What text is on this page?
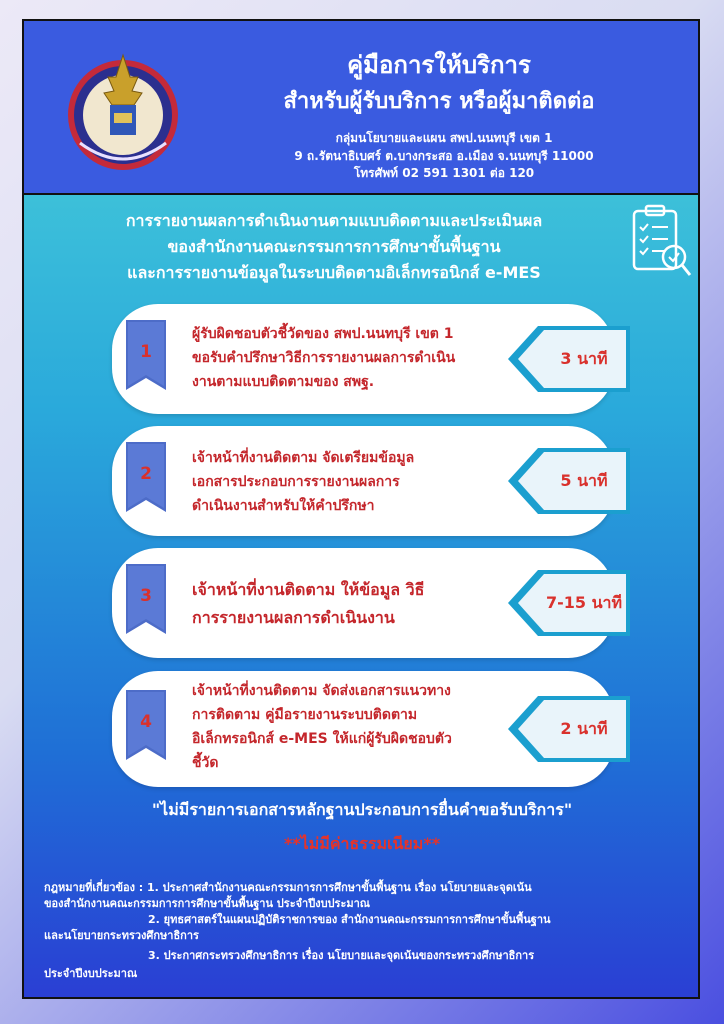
คู่มือการให้บริการ
สำหรับผู้รับบริการ หรือผู้มาติดต่อ
กลุ่มนโยบายและแผน สพป.นนทบุรี เขต 1
9 ถ.รัตนาธิเบศร์ ต.บางกระสอ อ.เมือง จ.นนทบุรี 11000
โทรศัพท์ 02 591 1301 ต่อ 120
การรายงานผลการดำเนินงานตามแบบติดตามและประเมินผล
ของสำนักงานคณะกรรมการการศึกษาขั้นพื้นฐาน
และการรายงานข้อมูลในระบบติดตามอิเล็กทรอนิกส์ e-MES
1
ผู้รับผิดชอบตัวชี้วัดของ สพป.นนทบุรี เขต 1
ขอรับคำปรึกษาวิธีการรายงานผลการดำเนิน
งานตามแบบติดตามของ สพฐ.
3 นาที
2
เจ้าหน้าที่งานติดตาม จัดเตรียมข้อมูล
เอกสารประกอบการรายงานผลการ
ดำเนินงานสำหรับให้คำปรึกษา
5 นาที
3	เจ้าหน้าที่งานติดตาม ให้ข้อมูล วิธี
การรายงานผลการดำเนินงาน
7-15 นาที
4
เจ้าหน้าที่งานติดตาม จัดส่งเอกสารแนวทาง
การติดตาม คู่มือรายงานระบบติดตาม
อิเล็กทรอนิกส์ e-MES ให้แก่ผู้รับผิดชอบตัว
ชี้วัด
2 นาที
"ไม่มีรายการเอกสารหลักฐานประกอบการยื่นคำขอรับบริการ"
**ไม่มีค่าธรรมเนียม**
กฎหมายที่เกี่ยวข้อง : 1. ประกาศสำนักงานคณะกรรมการการศึกษาขั้นพื้นฐาน เรื่อง นโยบายและจุดเน้น
ของสำนักงานคณะกรรมการการศึกษาขั้นพื้นฐาน ประจำปีงบประมาณ
2. ยุทธศาสตร์ในแผนปฏิบัติราชการของ สำนักงานคณะกรรมการการศึกษาขั้นพื้นฐาน
และนโยบายกระทรวงศึกษาธิการ
3. ประกาศกระทรวงศึกษาธิการ เรื่อง นโยบายและจุดเน้นของกระทรวงศึกษาธิการ
ประจำปีงบประมาณ
